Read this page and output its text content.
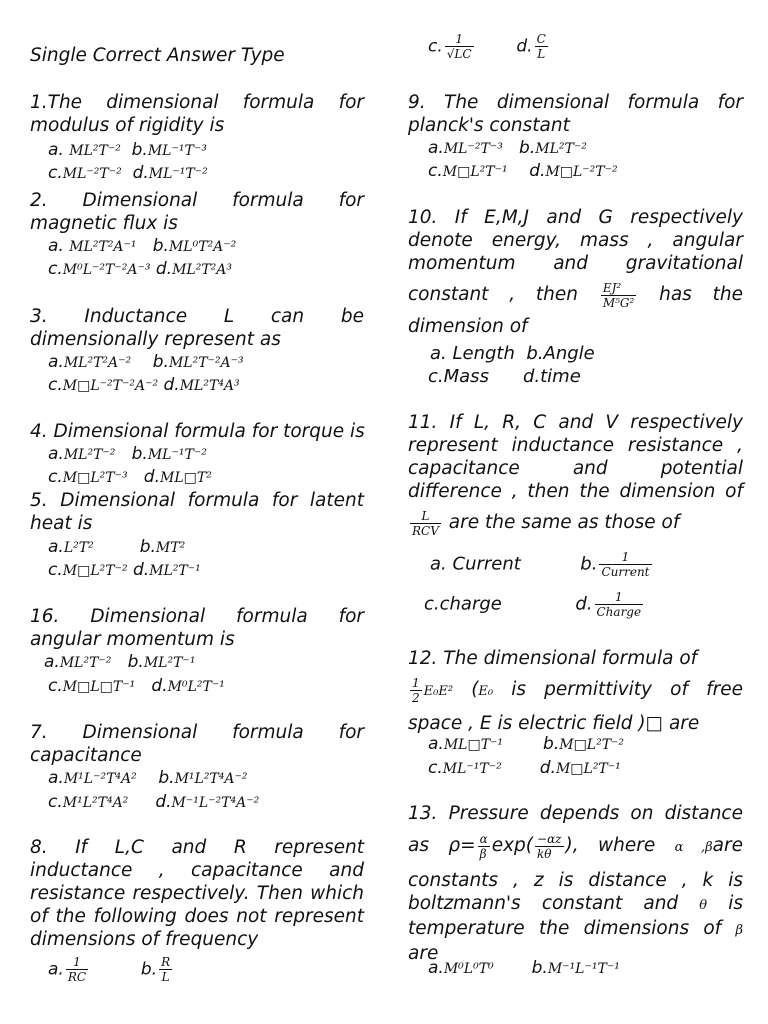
Single Correct Answer Type
1.The dimensional formula for
modulus of rigidity is
a. ML²T⁻² b.ML⁻¹T⁻³
c.ML⁻²T⁻² d.ML⁻¹T⁻²
2. Dimensional formula for
magnetic flux is
a. ML²T²A⁻¹ b.ML⁰T²A⁻²
c.M⁰L⁻²T⁻²A⁻³ d.ML²T²A³
3. Inductance L can be
dimensionally represent as
a.ML²T²A⁻² b.ML²T⁻²A⁻³
c.M□L⁻²T⁻²A⁻² d.ML²T⁴A³
4. Dimensional formula for torque is
a.ML²T⁻² b.ML⁻¹T⁻²
c.M□L²T⁻³ d.ML□T²
5. Dimensional formula for latent
heat is
a.L²T²	b.MT²
c.M□L²T⁻² d.ML²T⁻¹
16. Dimensional formula for
angular momentum is
a.ML²T⁻² b.ML²T⁻¹
c.M□L□T⁻¹ d.M⁰L²T⁻¹
7. Dimensional formula for
capacitance
a.M¹L⁻²T⁴A² b.M¹L²T⁴A⁻²
c.M¹L²T⁴A² d.M⁻¹L⁻²T⁴A⁻²
8. If L,C and R represent
inductance , capacitance and
resistance respectively. Then which
of the following does not represent
dimensions of frequency
a. $\frac{1}{RC}$	b. $\frac{R}{L}$
c. $\frac{1}{√LC}$	d. $\frac{C}{L}$
9. The dimensional formula for
planck's constant
a.ML⁻²T⁻³ b.ML²T⁻²
c.M□L²T⁻¹ d.M□L⁻²T⁻²
10. If E,M,J and G respectively
denote energy, mass , angular
momentum and gravitational
constant , then $\frac{\text{EJ²}}{\text{M⁵G²}}$ has the
dimension of
a. Length b.Angle
c.Mass d.time
11. If L, R, C and V respectively
represent inductance resistance ,
capacitance	and	potential
difference , then the dimension of
$\frac{L}{\text{RCV}}$ are the same as those of
a. Current	b. $\frac{1}{\text{Current}}$
c.charge	d. $\frac{1}{\text{Charge}}$
12. The dimensional formula of

$\frac{1}{2} E_0E^2$ (E₀ is permittivity of free
space , E is electric field )□ are
a.ML□T⁻¹ b.M□L²T⁻²
c.ML⁻¹T⁻² d.M□L²T⁻¹
13. Pressure depends on distance
as $\rho= \frac{\alpha}{\beta} \exp( \frac{-\alpha z}{k\theta}$ ), where α ,βare
constants , z is distance , k is
boltzmann's constant and θ is
temperature the dimensions of β
are
a.M⁰L⁰T⁰ b.M⁻¹L⁻¹T⁻¹
